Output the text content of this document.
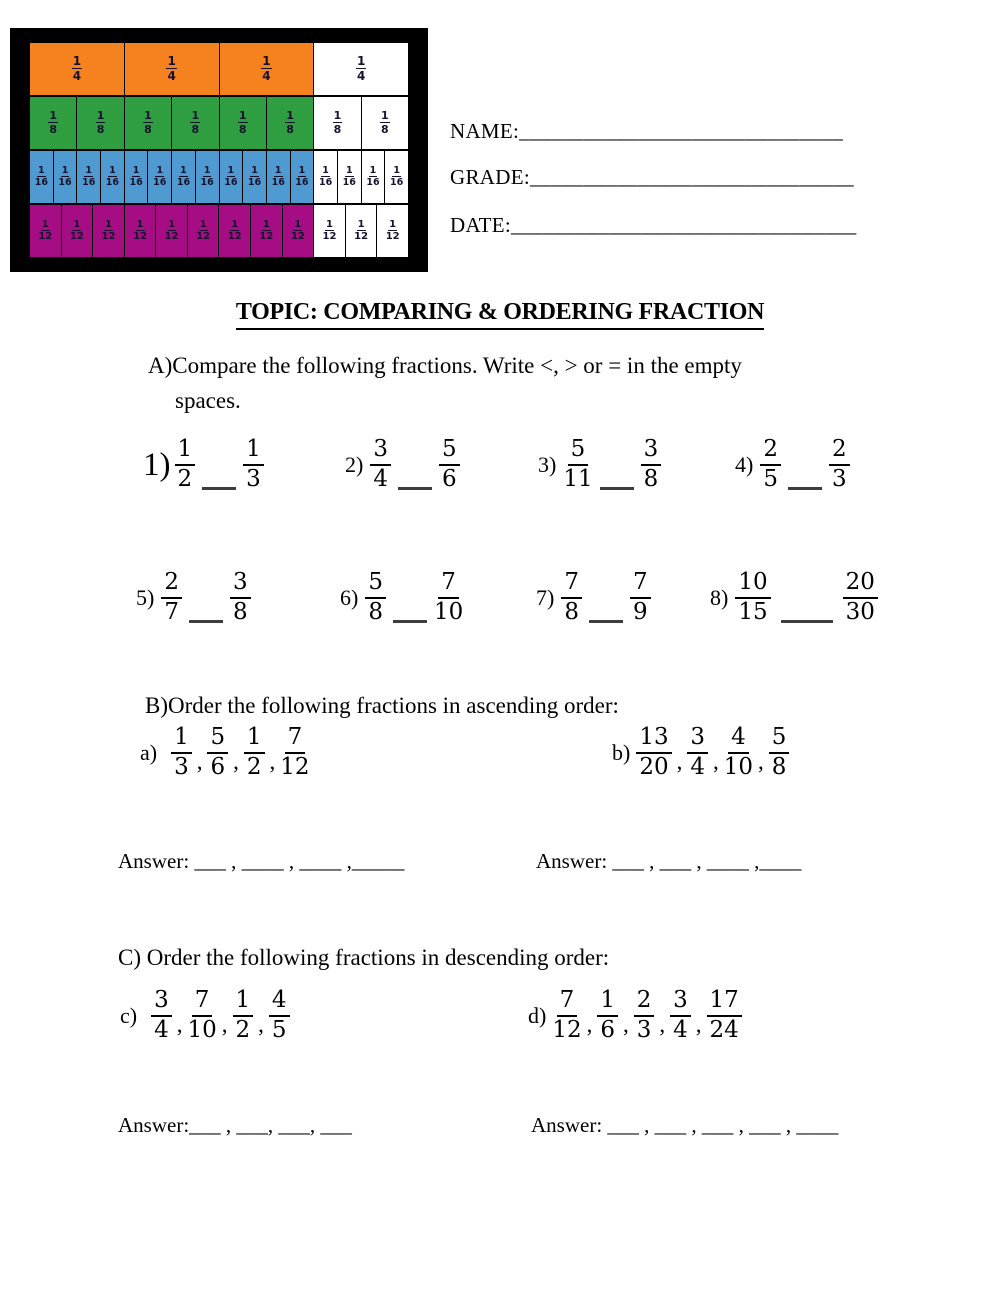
$\frac{1}{4}$	$\frac{1}{4}$	$\frac{1}{4}$	$\frac{1}{4}$
$\frac{1}{8}$	$\frac{1}{8}$	$\frac{1}{8}$	$\frac{1}{8}$	$\frac{1}{8}$	$\frac{1}{8}$	$\frac{1}{8}$	$\frac{1}{8}$
$\frac{1}{16} \frac{1}{16} \frac{1}{16} \frac{1}{16} \frac{1}{16} \frac{1}{16} \frac{1}{16} \frac{1}{16} \frac{1}{16} \frac{1}{16} \frac{1}{16} \frac{1}{16} \frac{1}{16} \frac{1}{16} \frac{1}{16} \frac{1}{16}$
$\frac{1}{12} \frac{1}{12} \frac{1}{12} \frac{1}{12} \frac{1}{12} \frac{1}{12} \frac{1}{12} \frac{1}{12} \frac{1}{12} \frac{1}{12} \frac{1}{12} \frac{1}{12}$
NAME:______________________________
GRADE:______________________________
DATE:________________________________
TOPIC: COMPARING & ORDERING FRACTION
A)Compare the following fractions. Write <, > or = in the empty
spaces.
$1) \frac{1}{2} \frac{1}{3}$	$2) \frac{3}{4} \frac{5}{6}$	$3) \frac{5}{11} \frac{3}{8}$	$4) \frac{2}{5} \frac{2}{3}$
$5) \frac{2}{7} \frac{3}{8}$	$6) \frac{5}{8} \frac{7}{10}$	$7) \frac{7}{8} \frac{7}{9}$	$8) \frac{10}{15}$	$\frac{20}{30}$
B)Order the following fractions in ascending order:
$a) \frac{1}{3}$ , $\frac{5}{6}$ , $\frac{1}{2}$ , $\frac{7}{12}$	$b) \frac{13}{20}$ , $\frac{3}{4}$ , $\frac{4}{10}$ , $\frac{5}{8}$
Answer: ___ , ____ , ____ ,_____	Answer: ___ , ___ , ____ ,____
C) Order the following fractions in descending order:
$c) \frac{3}{4}$ , $\frac{7}{10}$ , $\frac{1}{2}$ , $\frac{4}{5}$	$d) \frac{7}{12}$ , $\frac{1}{6}$ , $\frac{2}{3}$ , $\frac{3}{4}$ , $\frac{17}{24}$
Answer:___ , ___, ___, ___	Answer: ___ , ___ , ___ , ___ , ____
